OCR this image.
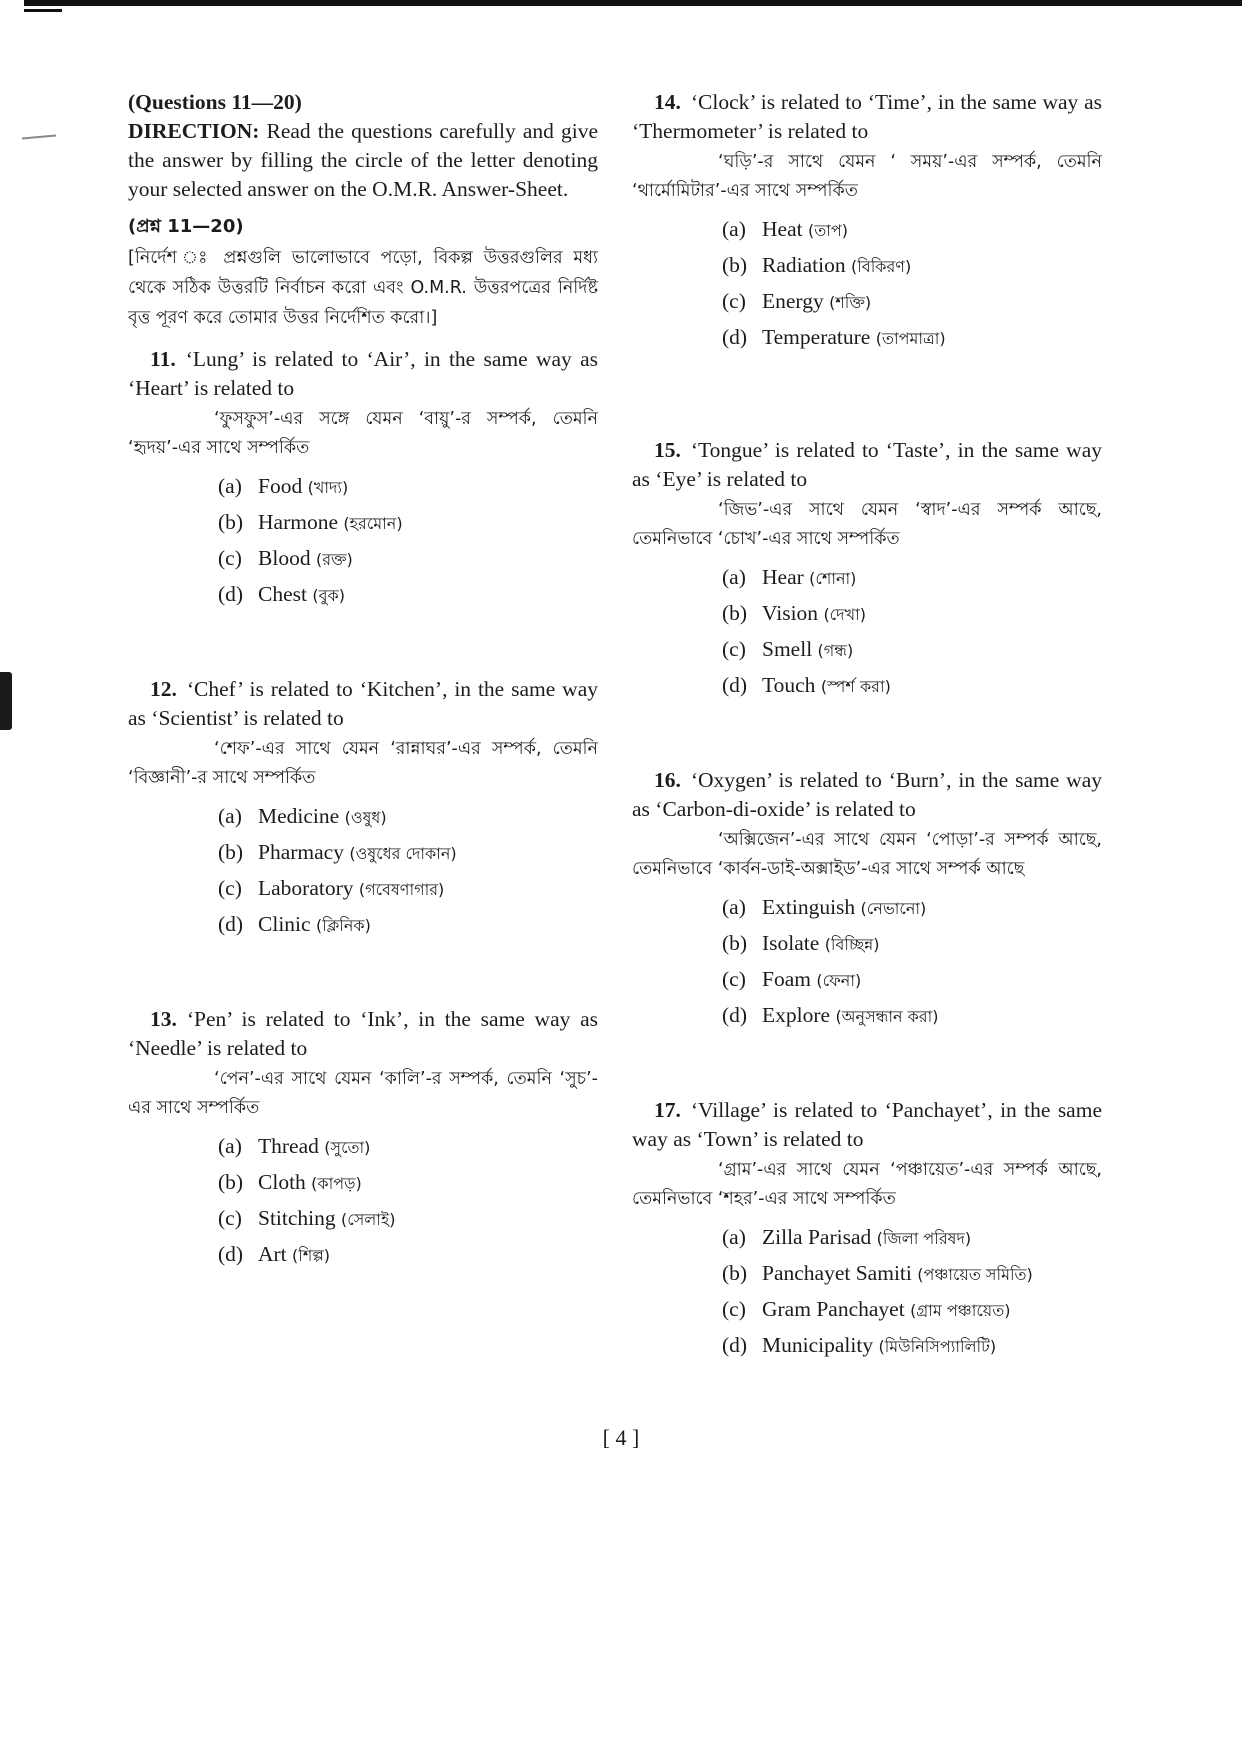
(Questions 11—20)
DIRECTION: Read the questions carefully and give the answer by filling the circle of the letter denoting your selected answer on the O.M.R. Answer-Sheet.
(প্রশ্ন 11—20)
[নির্দেশ ঃ প্রশ্নগুলি ভালোভাবে পড়ো, বিকল্প উত্তরগুলির মধ্য থেকে সঠিক উত্তরটি নির্বাচন করো এবং O.M.R. উত্তরপত্রের নির্দিষ্ট বৃত্ত পূরণ করে তোমার উত্তর নির্দেশিত করো।]
11. ‘Lung’ is related to ‘Air’, in the same way as ‘Heart’ is related to
‘ফুসফুস’-এর সঙ্গে যেমন ‘বায়ু’-র সম্পর্ক, তেমনি ‘হৃদয়’-এর সাথে সম্পর্কিত
(a) Food (খাদ্য)
(b) Harmone (হরমোন)
(c) Blood (রক্ত)
(d) Chest (বুক)
12. ‘Chef’ is related to ‘Kitchen’, in the same way as ‘Scientist’ is related to
‘শেফ’-এর সাথে যেমন ‘রান্নাঘর’-এর সম্পর্ক, তেমনি ‘বিজ্ঞানী’-র সাথে সম্পর্কিত
(a) Medicine (ওষুধ)
(b) Pharmacy (ওষুধের দোকান)
(c) Laboratory (গবেষণাগার)
(d) Clinic (ক্লিনিক)
13. ‘Pen’ is related to ‘Ink’, in the same way as ‘Needle’ is related to
‘পেন’-এর সাথে যেমন ‘কালি’-র সম্পর্ক, তেমনি ‘সুচ’-এর সাথে সম্পর্কিত
(a) Thread (সুতো)
(b) Cloth (কাপড়)
(c) Stitching (সেলাই)
(d) Art (শিল্প)
14. ‘Clock’ is related to ‘Time’, in the same way as ‘Thermometer’ is related to
‘ঘড়ি’-র সাথে যেমন ‘ সময়’-এর সম্পর্ক, তেমনি ‘থার্মোমিটার’-এর সাথে সম্পর্কিত
(a) Heat (তাপ)
(b) Radiation (বিকিরণ)
(c) Energy (শক্তি)
(d) Temperature (তাপমাত্রা)
15. ‘Tongue’ is related to ‘Taste’, in the same way as ‘Eye’ is related to
‘জিভ’-এর সাথে যেমন ‘স্বাদ’-এর সম্পর্ক আছে, তেমনিভাবে ‘চোখ’-এর সাথে সম্পর্কিত
(a) Hear (শোনা)
(b) Vision (দেখা)
(c) Smell (গন্ধ)
(d) Touch (স্পর্শ করা)
16. ‘Oxygen’ is related to ‘Burn’, in the same way as ‘Carbon-di-oxide’ is related to
‘অক্সিজেন’-এর সাথে যেমন ‘পোড়া’-র সম্পর্ক আছে, তেমনিভাবে ‘কার্বন-ডাই-অক্সাইড’-এর সাথে সম্পর্ক আছে
(a) Extinguish (নেভানো)
(b) Isolate (বিচ্ছিন্ন)
(c) Foam (ফেনা)
(d) Explore (অনুসন্ধান করা)
17. ‘Village’ is related to ‘Panchayet’, in the same way as ‘Town’ is related to
‘গ্রাম’-এর সাথে যেমন ‘পঞ্চায়েত’-এর সম্পর্ক আছে, তেমনিভাবে ‘শহর’-এর সাথে সম্পর্কিত
(a) Zilla Parisad (জিলা পরিষদ)
(b) Panchayet Samiti (পঞ্চায়েত সমিতি)
(c) Gram Panchayet (গ্রাম পঞ্চায়েত)
(d) Municipality (মিউনিসিপ্যালিটি)
[ 4 ]
